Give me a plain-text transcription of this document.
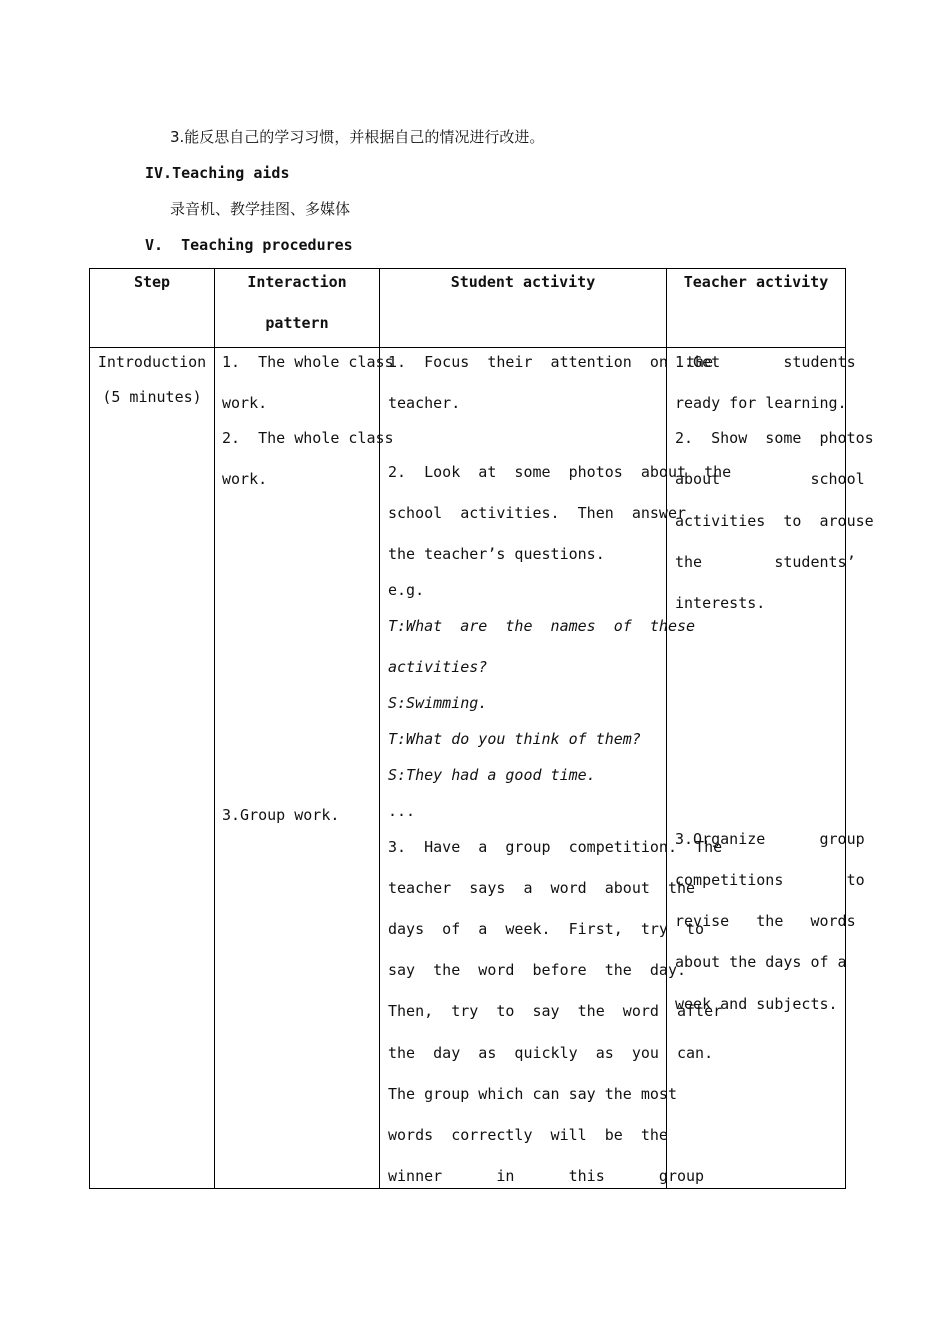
3.能反思自己的学习习惯，并根据自己的情况进行改进。
IV.Teaching aids
录音机、教学挂图、多媒体
V.  Teaching procedures
Step	Interaction
pattern
Student activity	Teacher activity
Introduction
(5 minutes)
1.  The whole class
work.
2.  The whole class
work.
3.Group work.
1.  Focus  their  attention  on  the
teacher.
2.  Look  at  some  photos  about  the
school  activities.  Then  answer
the teacher’s questions.
e.g.
T:What  are  the  names  of  these
activities?
S:Swimming.
T:What do you think of them?
S:They had a good time.
...
3.  Have  a  group  competition.  The
teacher  says  a  word  about  the
days  of  a  week.  First,  try  to
say  the  word  before  the  day.
Then,  try  to  say  the  word  after
the  day  as  quickly  as  you  can.
The group which can say the most
words  correctly  will  be  the
winner      in      this      group
1.Get       students
ready for learning.
2.  Show  some  photos
about          school
activities  to  arouse
the        students’
interests.
3.Organize      group
competitions       to
revise   the   words
about the days of a
week and subjects.
